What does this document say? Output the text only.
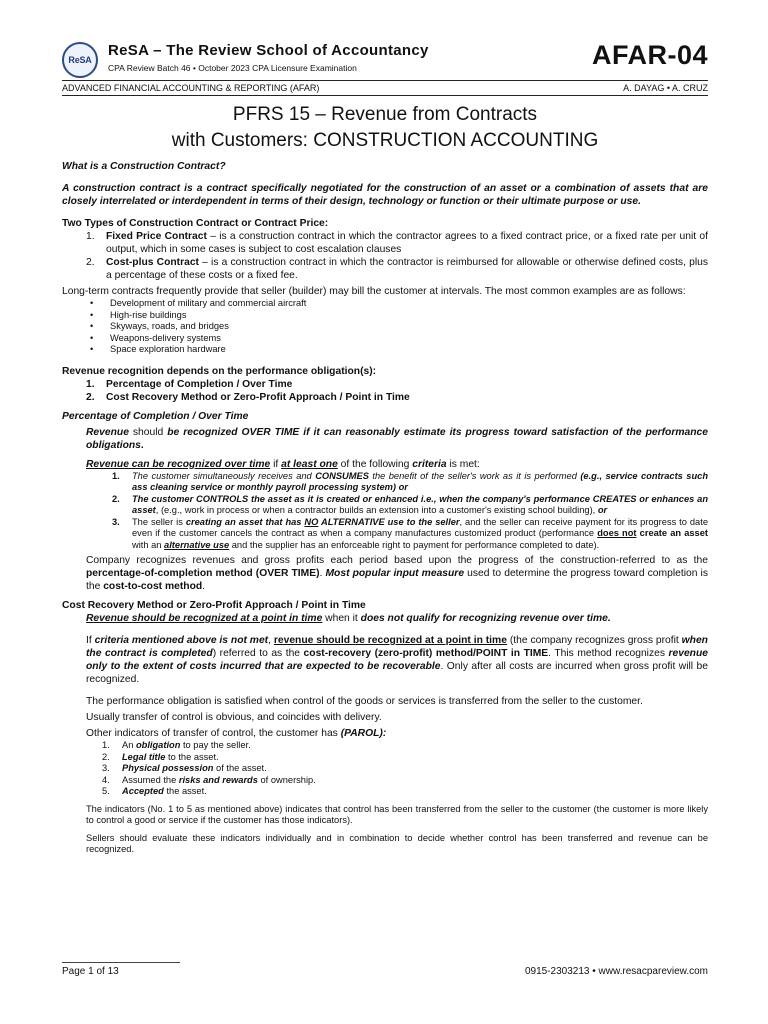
ReSA
ReSA – The Review School of Accountancy
CPA Review Batch 46 • October 2023 CPA Licensure Examination	AFAR-04
ADVANCED FINANCIAL ACCOUNTING & REPORTING (AFAR)	A. DAYAG • A. CRUZ
PFRS 15 – Revenue from Contracts
with Customers: CONSTRUCTION ACCOUNTING

What is a Construction Contract?

A construction contract is a contract specifically negotiated for the construction of an asset or a combination of assets that are closely interrelated or interdependent in terms of their design, technology or function or their ultimate purpose or use.

Two Types of Construction Contract or Contract Price:

1.	Fixed Price Contract – is a construction contract in which the contractor agrees to a fixed contract price, or a fixed rate per unit of output, which in some cases is subject to cost escalation clauses
2.	Cost-plus Contract – is a construction contract in which the contractor is reimbursed for allowable or otherwise defined costs, plus a percentage of these costs or a fixed fee.

Long-term contracts frequently provide that seller (builder) may bill the customer at intervals. The most common examples are as follows:

•	Development of military and commercial aircraft
•	High-rise buildings
•	Skyways, roads, and bridges
•	Weapons-delivery systems
•	Space exploration hardware

Revenue recognition depends on the performance obligation(s):

1.	Percentage of Completion / Over Time
2.	Cost Recovery Method or Zero-Profit Approach / Point in Time

Percentage of Completion / Over Time

Revenue should be recognized OVER TIME if it can reasonably estimate its progress toward satisfaction of the performance obligations.

Revenue can be recognized over time if at least one of the following criteria is met:

1.	The customer simultaneously receives and CONSUMES the benefit of the seller's work as it is performed (e.g., service contracts such ass cleaning service or monthly payroll processing system) or
2.	The customer CONTROLS the asset as it is created or enhanced i.e., when the company's performance CREATES or enhances an asset, (e.g., work in process or when a contractor builds an extension into a customer's existing school building), or
3.	The seller is creating an asset that has NO ALTERNATIVE use to the seller, and the seller can receive payment for its progress to date even if the customer cancels the contract as when a company manufactures customized product (performance does not create an asset with an alternative use and the supplier has an enforceable right to payment for performance completed to date).

Company recognizes revenues and gross profits each period based upon the progress of the construction-referred to as the percentage-of-completion method (OVER TIME). Most popular input measure used to determine the progress toward completion is the cost-to-cost method.

Cost Recovery Method or Zero-Profit Approach / Point in Time

Revenue should be recognized at a point in time when it does not qualify for recognizing revenue over time.

If criteria mentioned above is not met, revenue should be recognized at a point in time (the company recognizes gross profit when the contract is completed) referred to as the cost-recovery (zero-profit) method/POINT in TIME. This method recognizes revenue only to the extent of costs incurred that are expected to be recoverable. Only after all costs are incurred when gross profit will be recognized.

The performance obligation is satisfied when control of the goods or services is transferred from the seller to the customer.

Usually transfer of control is obvious, and coincides with delivery.

Other indicators of transfer of control, the customer has (PAROL):

1.	An obligation to pay the seller.
2.	Legal title to the asset.
3.	Physical possession of the asset.
4.	Assumed the risks and rewards of ownership.
5.	Accepted the asset.

The indicators (No. 1 to 5 as mentioned above) indicates that control has been transferred from the seller to the customer (the customer is more likely to control a good or service if the customer has those indicators).

Sellers should evaluate these indicators individually and in combination to decide whether control has been transferred and revenue can be recognized.

Page 1 of 13	0915-2303213 • www.resacpareview.com
